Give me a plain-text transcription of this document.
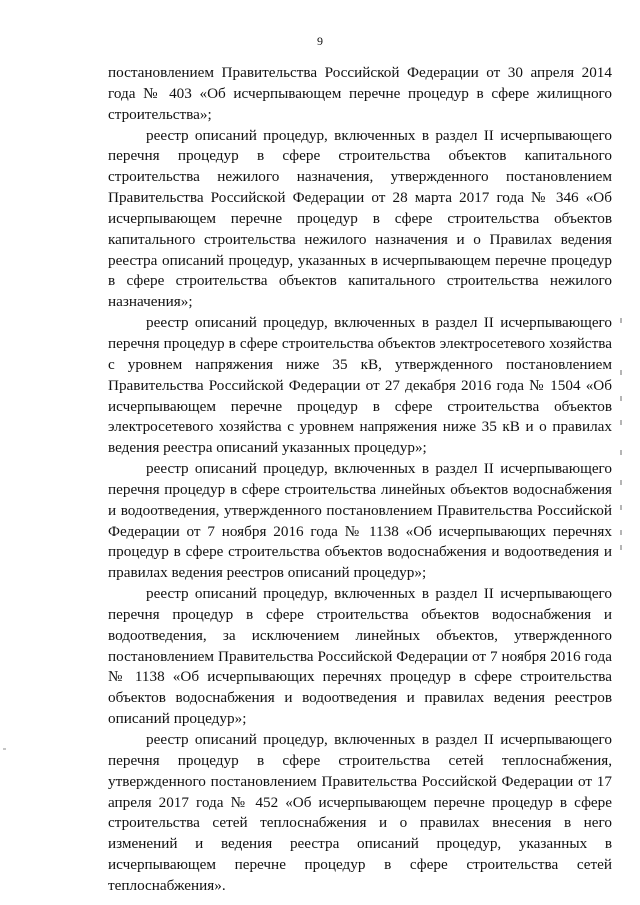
9

постановлением Правительства Российской Федерации от 30 апреля 2014 года № 403 «Об исчерпывающем перечне процедур в сфере жилищного строительства»;

реестр описаний процедур, включенных в раздел II исчерпывающего перечня процедур в сфере строительства объектов капитального строительства нежилого назначения, утвержденного постановлением Правительства Российской Федерации от 28 марта 2017 года № 346 «Об исчерпывающем перечне процедур в сфере строительства объектов капитального строительства нежилого назначения и о Правилах ведения реестра описаний процедур, указанных в исчерпывающем перечне процедур в сфере строительства объектов капитального строительства нежилого назначения»;

реестр описаний процедур, включенных в раздел II исчерпывающего перечня процедур в сфере строительства объектов электросетевого хозяйства с уровнем напряжения ниже 35 кВ, утвержденного постановлением Правительства Российской Федерации от 27 декабря 2016 года № 1504 «Об исчерпывающем перечне процедур в сфере строительства объектов электросетевого хозяйства с уровнем напряжения ниже 35 кВ и о правилах ведения реестра описаний указанных процедур»;

реестр описаний процедур, включенных в раздел II исчерпывающего перечня процедур в сфере строительства линейных объектов водоснабжения и водоотведения, утвержденного постановлением Правительства Российской Федерации от 7 ноября 2016 года № 1138 «Об исчерпывающих перечнях процедур в сфере строительства объектов водоснабжения и водоотведения и правилах ведения реестров описаний процедур»;

реестр описаний процедур, включенных в раздел II исчерпывающего перечня процедур в сфере строительства объектов водоснабжения и водоотведения, за исключением линейных объектов, утвержденного постановлением Правительства Российской Федерации от 7 ноября 2016 года № 1138 «Об исчерпывающих перечнях процедур в сфере строительства объектов водоснабжения и водоотведения и правилах ведения реестров описаний процедур»;

реестр описаний процедур, включенных в раздел II исчерпывающего перечня процедур в сфере строительства сетей теплоснабжения, утвержденного постановлением Правительства Российской Федерации от 17 апреля 2017 года № 452 «Об исчерпывающем перечне процедур в сфере строительства сетей теплоснабжения и о правилах внесения в него изменений и ведения реестра описаний процедур, указанных в исчерпывающем перечне процедур в сфере строительства сетей теплоснабжения».
